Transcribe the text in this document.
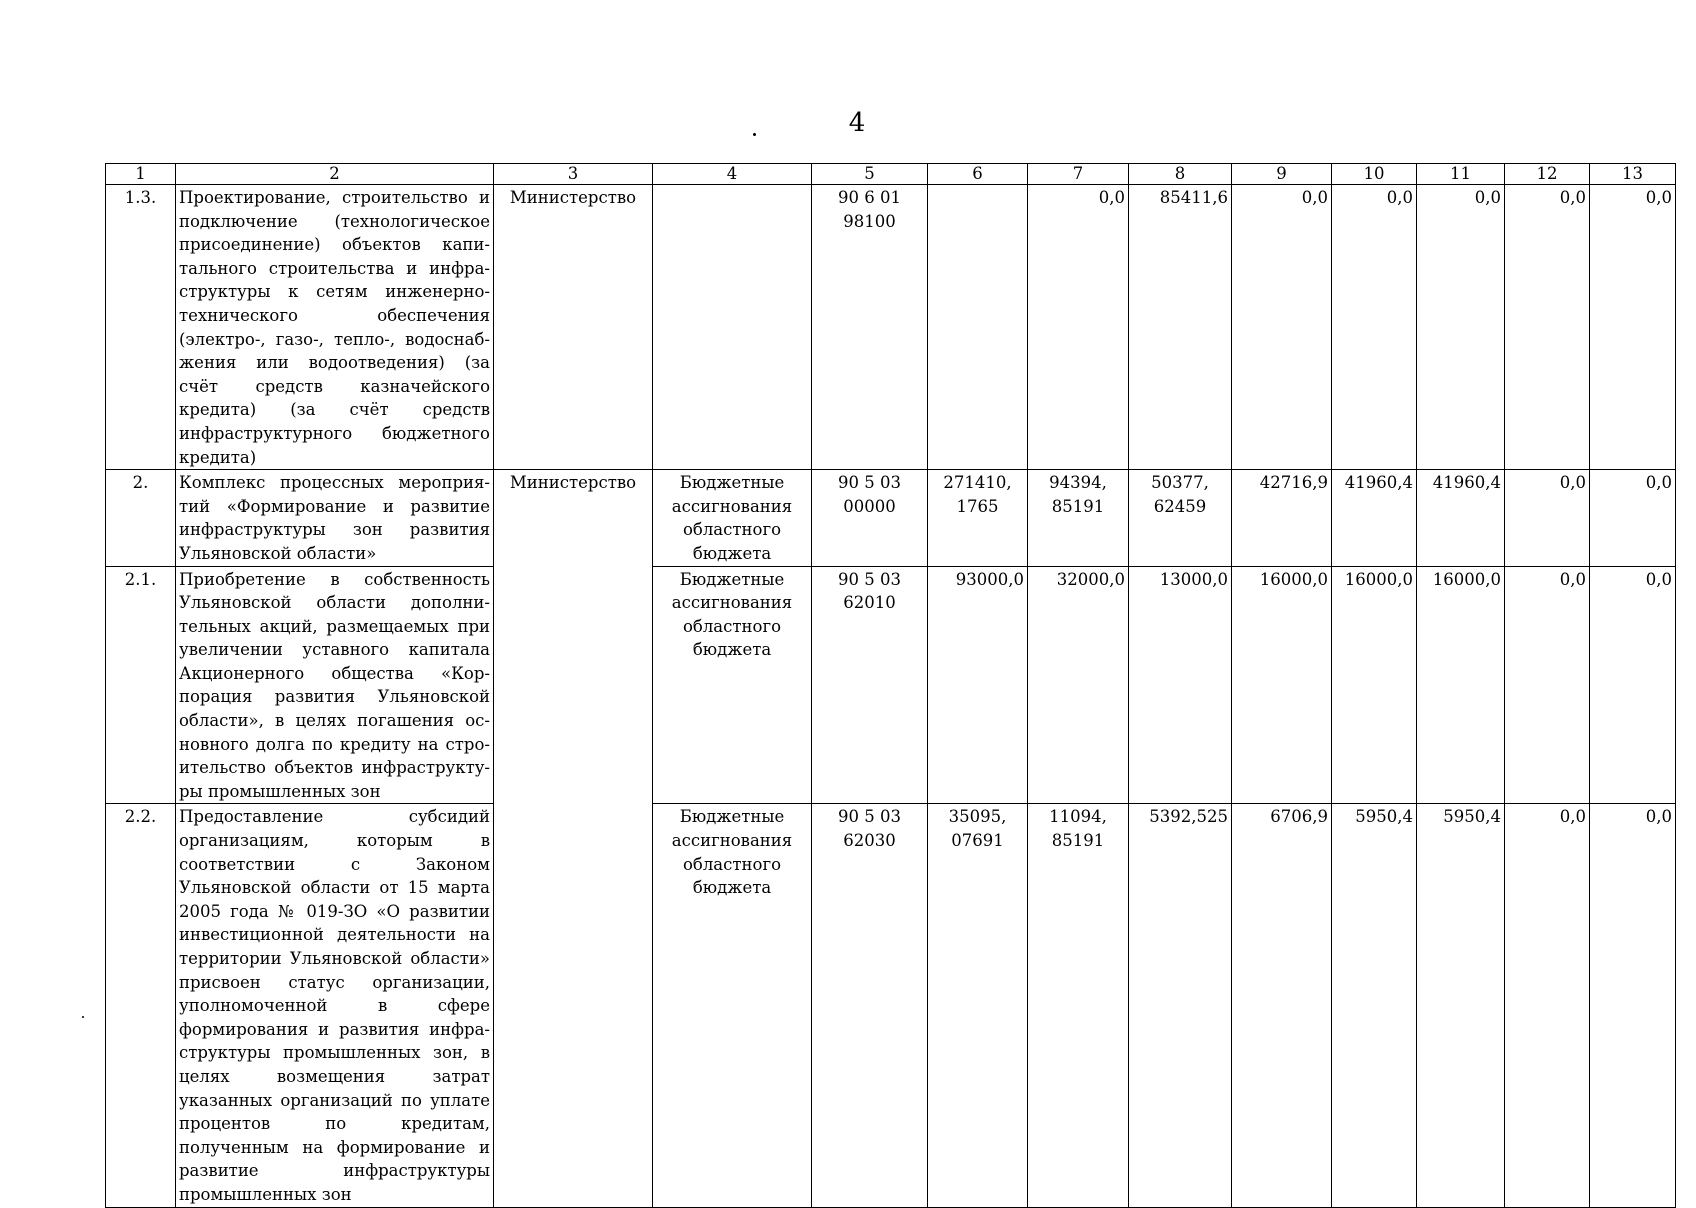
4
1	2	3	4	5	6	7	8	9	10	11	12	13
1.3.	Проектирование, строительство и подключение (технологическое присоединение) объектов капитального строительства и инфраструктуры к сетям инженерно-технического обеспечения (электро-, газо-, тепло-, водоснабжения или водоотведения) (за счёт средств казначейского кредита) (за счёт средств инфраструктурного бюджетного кредита)	Министерство		90 6 01 98100		0,0	85411,6	0,0	0,0	0,0	0,0	0,0
2.	Комплекс процессных мероприятий «Формирование и развитие инфраструктуры зон развития Ульяновской области»	Министерство	Бюджетные ассигнования областного бюджета	90 5 03 00000	271410, 1765	94394, 85191	50377, 62459	42716,9	41960,4	41960,4	0,0	0,0
2.1.	Приобретение в собственность Ульяновской области дополнительных акций, размещаемых при увеличении уставного капитала Акционерного общества «Корпорация развития Ульяновской области», в целях погашения основного долга по кредиту на строительство объектов инфраструктуры промышленных зон		Бюджетные ассигнования областного бюджета	90 5 03 62010	93000,0	32000,0	13000,0	16000,0	16000,0	16000,0	0,0	0,0
2.2.	Предоставление субсидий организациям, которым в соответствии с Законом Ульяновской области от 15 марта 2005 года № 019-ЗО «О развитии инвестиционной деятельности на территории Ульяновской области» присвоен статус организации, уполномоченной в сфере формирования и развития инфраструктуры промышленных зон, в целях возмещения затрат указанных организаций по уплате процентов по кредитам, полученным на формирование и развитие инфраструктуры промышленных зон		Бюджетные ассигнования областного бюджета	90 5 03 62030	35095, 07691	11094, 85191	5392,525	6706,9	5950,4	5950,4	0,0	0,0
